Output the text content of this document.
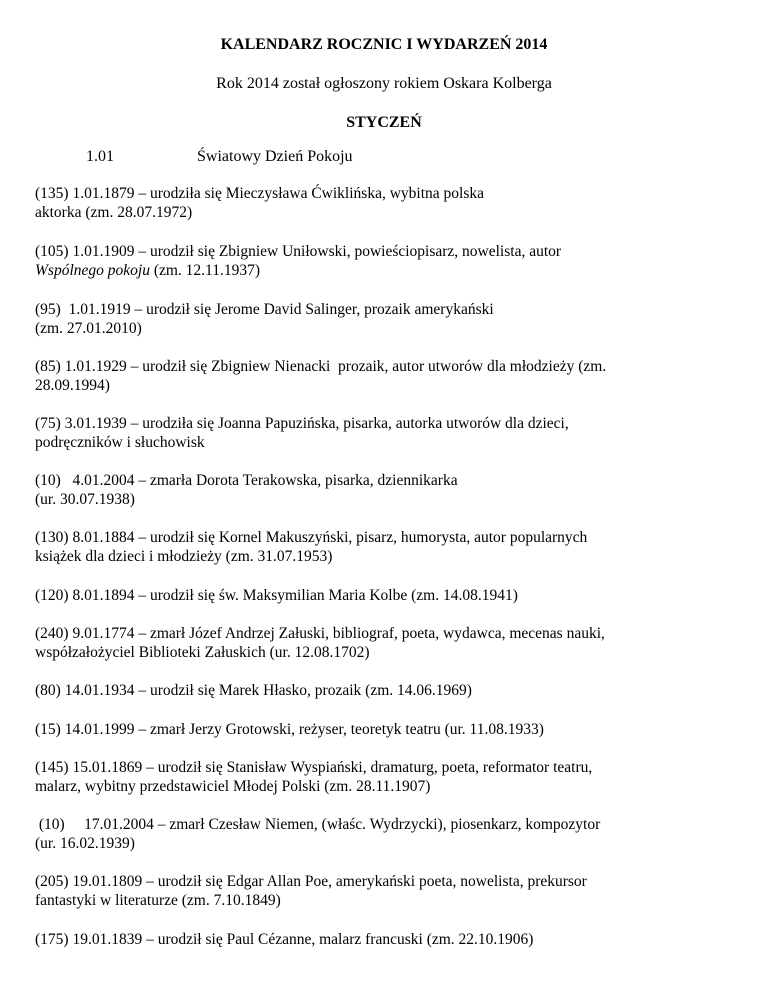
KALENDARZ ROCZNIC I WYDARZEŃ 2014
Rok 2014 został ogłoszony rokiem Oskara Kolberga
STYCZEŃ
1.01	Światowy Dzień Pokoju
(135) 1.01.1879 – urodziła się Mieczysława Ćwiklińska, wybitna polska
aktorka (zm. 28.07.1972)
(105) 1.01.1909 – urodził się Zbigniew Uniłowski, powieściopisarz, nowelista, autor
Wspólnego pokoju (zm. 12.11.1937)
(95)  1.01.1919 – urodził się Jerome David Salinger, prozaik amerykański
(zm. 27.01.2010)
(85) 1.01.1929 – urodził się Zbigniew Nienacki  prozaik, autor utworów dla młodzieży (zm.
28.09.1994)
(75) 3.01.1939 – urodziła się Joanna Papuzińska, pisarka, autorka utworów dla dzieci,
podręczników i słuchowisk
(10)   4.01.2004 – zmarła Dorota Terakowska, pisarka, dziennikarka
(ur. 30.07.1938)
(130) 8.01.1884 – urodził się Kornel Makuszyński, pisarz, humorysta, autor popularnych
książek dla dzieci i młodzieży (zm. 31.07.1953)
(120) 8.01.1894 – urodził się św. Maksymilian Maria Kolbe (zm. 14.08.1941)
(240) 9.01.1774 – zmarł Józef Andrzej Załuski, bibliograf, poeta, wydawca, mecenas nauki,
współzałożyciel Biblioteki Załuskich (ur. 12.08.1702)
(80) 14.01.1934 – urodził się Marek Hłasko, prozaik (zm. 14.06.1969)
(15) 14.01.1999 – zmarł Jerzy Grotowski, reżyser, teoretyk teatru (ur. 11.08.1933)
(145) 15.01.1869 – urodził się Stanisław Wyspiański, dramaturg, poeta, reformator teatru,
malarz, wybitny przedstawiciel Młodej Polski (zm. 28.11.1907)
(10)     17.01.2004 – zmarł Czesław Niemen, (właśc. Wydrzycki), piosenkarz, kompozytor
(ur. 16.02.1939)
(205) 19.01.1809 – urodził się Edgar Allan Poe, amerykański poeta, nowelista, prekursor
fantastyki w literaturze (zm. 7.10.1849)
(175) 19.01.1839 – urodził się Paul Cézanne, malarz francuski (zm. 22.10.1906)
